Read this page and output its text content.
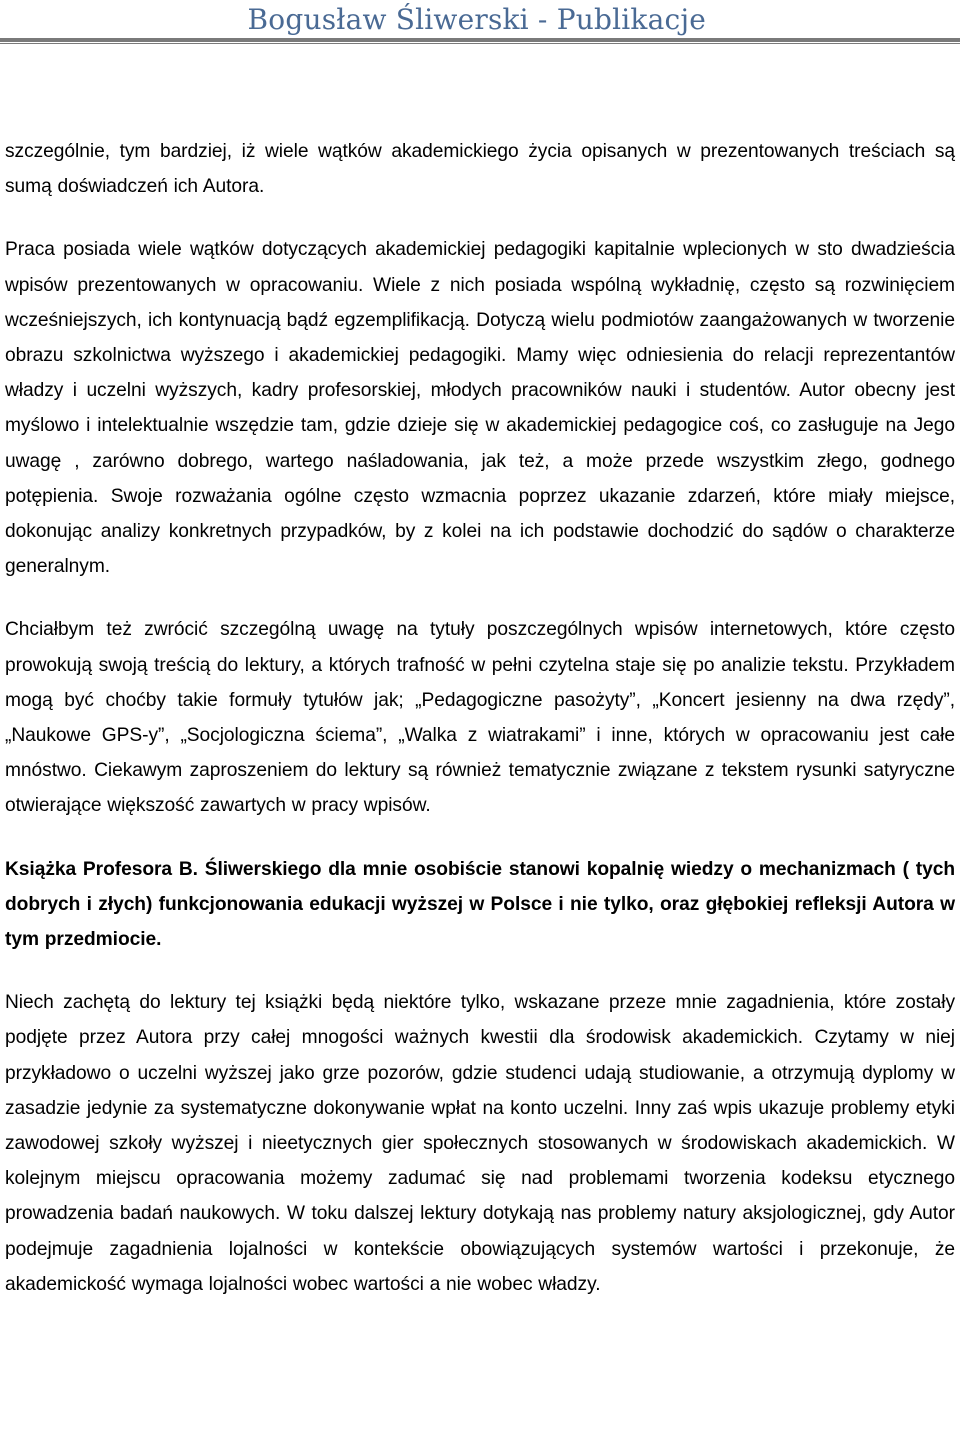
Bogusław Śliwerski - Publikacje

szczególnie, tym bardziej, iż wiele wątków akademickiego życia opisanych w prezentowanych treściach są sumą doświadczeń ich Autora.

Praca posiada wiele wątków dotyczących akademickiej pedagogiki kapitalnie wplecionych w sto dwadzieścia wpisów prezentowanych w opracowaniu. Wiele z nich posiada wspólną wykładnię, często są rozwinięciem wcześniejszych, ich kontynuacją bądź egzemplifikacją. Dotyczą wielu podmiotów zaangażowanych w tworzenie obrazu szkolnictwa wyższego i akademickiej pedagogiki. Mamy więc odniesienia do relacji reprezentantów władzy i uczelni wyższych, kadry profesorskiej, młodych pracowników nauki i studentów. Autor obecny jest myślowo i intelektualnie wszędzie tam, gdzie dzieje się w akademickiej pedagogice coś, co zasługuje na Jego uwagę , zarówno dobrego, wartego naśladowania, jak też, a może przede wszystkim złego, godnego potępienia. Swoje rozważania ogólne często wzmacnia poprzez ukazanie zdarzeń, które miały miejsce, dokonując analizy konkretnych przypadków, by z kolei na ich podstawie dochodzić do sądów o charakterze generalnym.

Chciałbym też zwrócić szczególną uwagę na tytuły poszczególnych wpisów internetowych, które często prowokują swoją treścią do lektury, a których trafność w pełni czytelna staje się po analizie tekstu. Przykładem mogą być choćby takie formuły tytułów jak; „Pedagogiczne pasożyty”, „Koncert jesienny na dwa rzędy”, „Naukowe GPS-y”, „Socjologiczna ściema”, „Walka z wiatrakami” i inne, których w opracowaniu jest całe mnóstwo. Ciekawym zaproszeniem do lektury są również tematycznie związane z tekstem rysunki satyryczne otwierające większość zawartych w pracy wpisów.

Książka Profesora B. Śliwerskiego dla mnie osobiście stanowi kopalnię wiedzy o mechanizmach ( tych dobrych i złych) funkcjonowania edukacji wyższej w Polsce i nie tylko, oraz głębokiej refleksji Autora w tym przedmiocie.

Niech zachętą do lektury tej książki będą niektóre tylko, wskazane przeze mnie zagadnienia, które zostały podjęte przez Autora przy całej mnogości ważnych kwestii dla środowisk akademickich. Czytamy w niej przykładowo o uczelni wyższej jako grze pozorów, gdzie studenci udają studiowanie, a otrzymują dyplomy w zasadzie jedynie za systematyczne dokonywanie wpłat na konto uczelni. Inny zaś wpis ukazuje problemy etyki zawodowej szkoły wyższej i nieetycznych gier społecznych stosowanych w środowiskach akademickich. W kolejnym miejscu opracowania możemy zadumać się nad problemami tworzenia kodeksu etycznego prowadzenia badań naukowych. W toku dalszej lektury dotykają nas problemy natury aksjologicznej, gdy Autor podejmuje zagadnienia lojalności w kontekście obowiązujących systemów wartości i przekonuje, że akademickość wymaga lojalności wobec wartości a nie wobec władzy.
